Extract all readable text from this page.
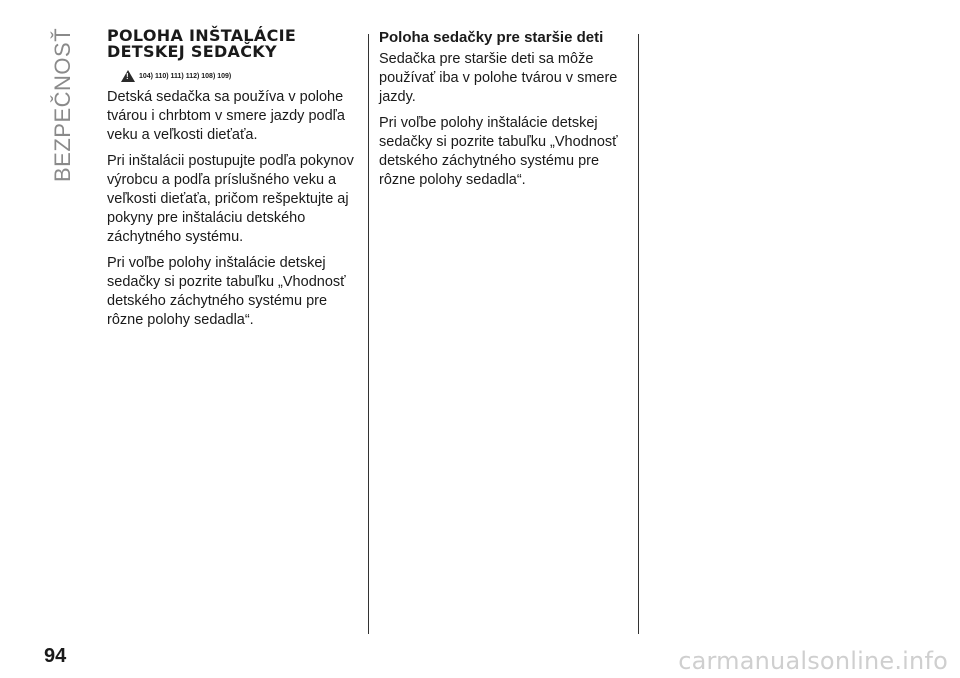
BEZPEČNOSŤ POLOHA INŠTALÁCIE DETSKEJ SEDAČKY
!
104) 110) 111) 112) 108) 109)

Detská sedačka sa používa v polohe tvárou i chrbtom v smere jazdy podľa veku a veľkosti dieťaťa.

Pri inštalácii postupujte podľa pokynov výrobcu a podľa príslušného veku a veľkosti dieťaťa, pričom rešpektujte aj pokyny pre inštaláciu detského záchytného systému.

Pri voľbe polohy inštalácie detskej sedačky si pozrite tabuľku „Vhodnosť detského záchytného systému pre rôzne polohy sedadla“.

Poloha sedačky pre staršie deti

Sedačka pre staršie deti sa môže používať iba v polohe tvárou v smere jazdy.

Pri voľbe polohy inštalácie detskej sedačky si pozrite tabuľku „Vhodnosť detského záchytného systému pre rôzne polohy sedadla“.

94	carmanualsonline.info
